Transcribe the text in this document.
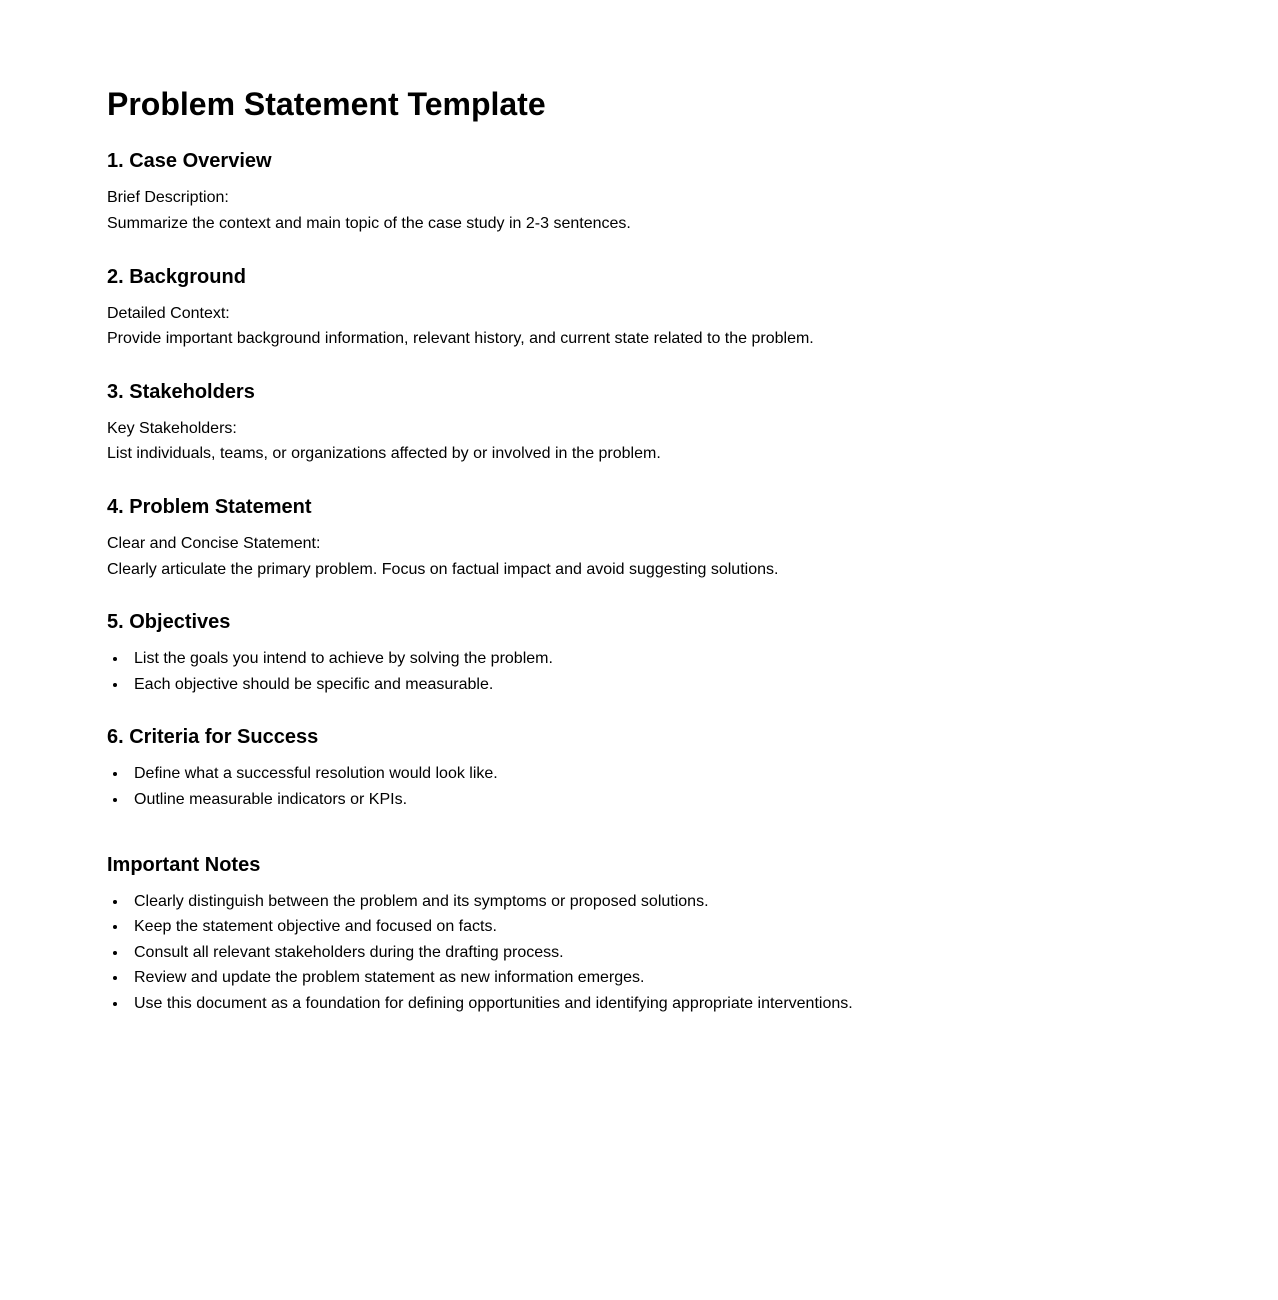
Problem Statement Template
1. Case Overview

Brief Description:
Summarize the context and main topic of the case study in 2-3 sentences.

2. Background

Detailed Context:
Provide important background information, relevant history, and current state related to the problem.

3. Stakeholders

Key Stakeholders:
List individuals, teams, or organizations affected by or involved in the problem.

4. Problem Statement

Clear and Concise Statement:
Clearly articulate the primary problem. Focus on factual impact and avoid suggesting solutions.

5. Objectives
• List the goals you intend to achieve by solving the problem.
• Each objective should be specific and measurable.
6. Criteria for Success
• Define what a successful resolution would look like.
• Outline measurable indicators or KPIs.
Important Notes
• Clearly distinguish between the problem and its symptoms or proposed solutions.
• Keep the statement objective and focused on facts.
• Consult all relevant stakeholders during the drafting process.
• Review and update the problem statement as new information emerges.
• Use this document as a foundation for defining opportunities and identifying appropriate interventions.
